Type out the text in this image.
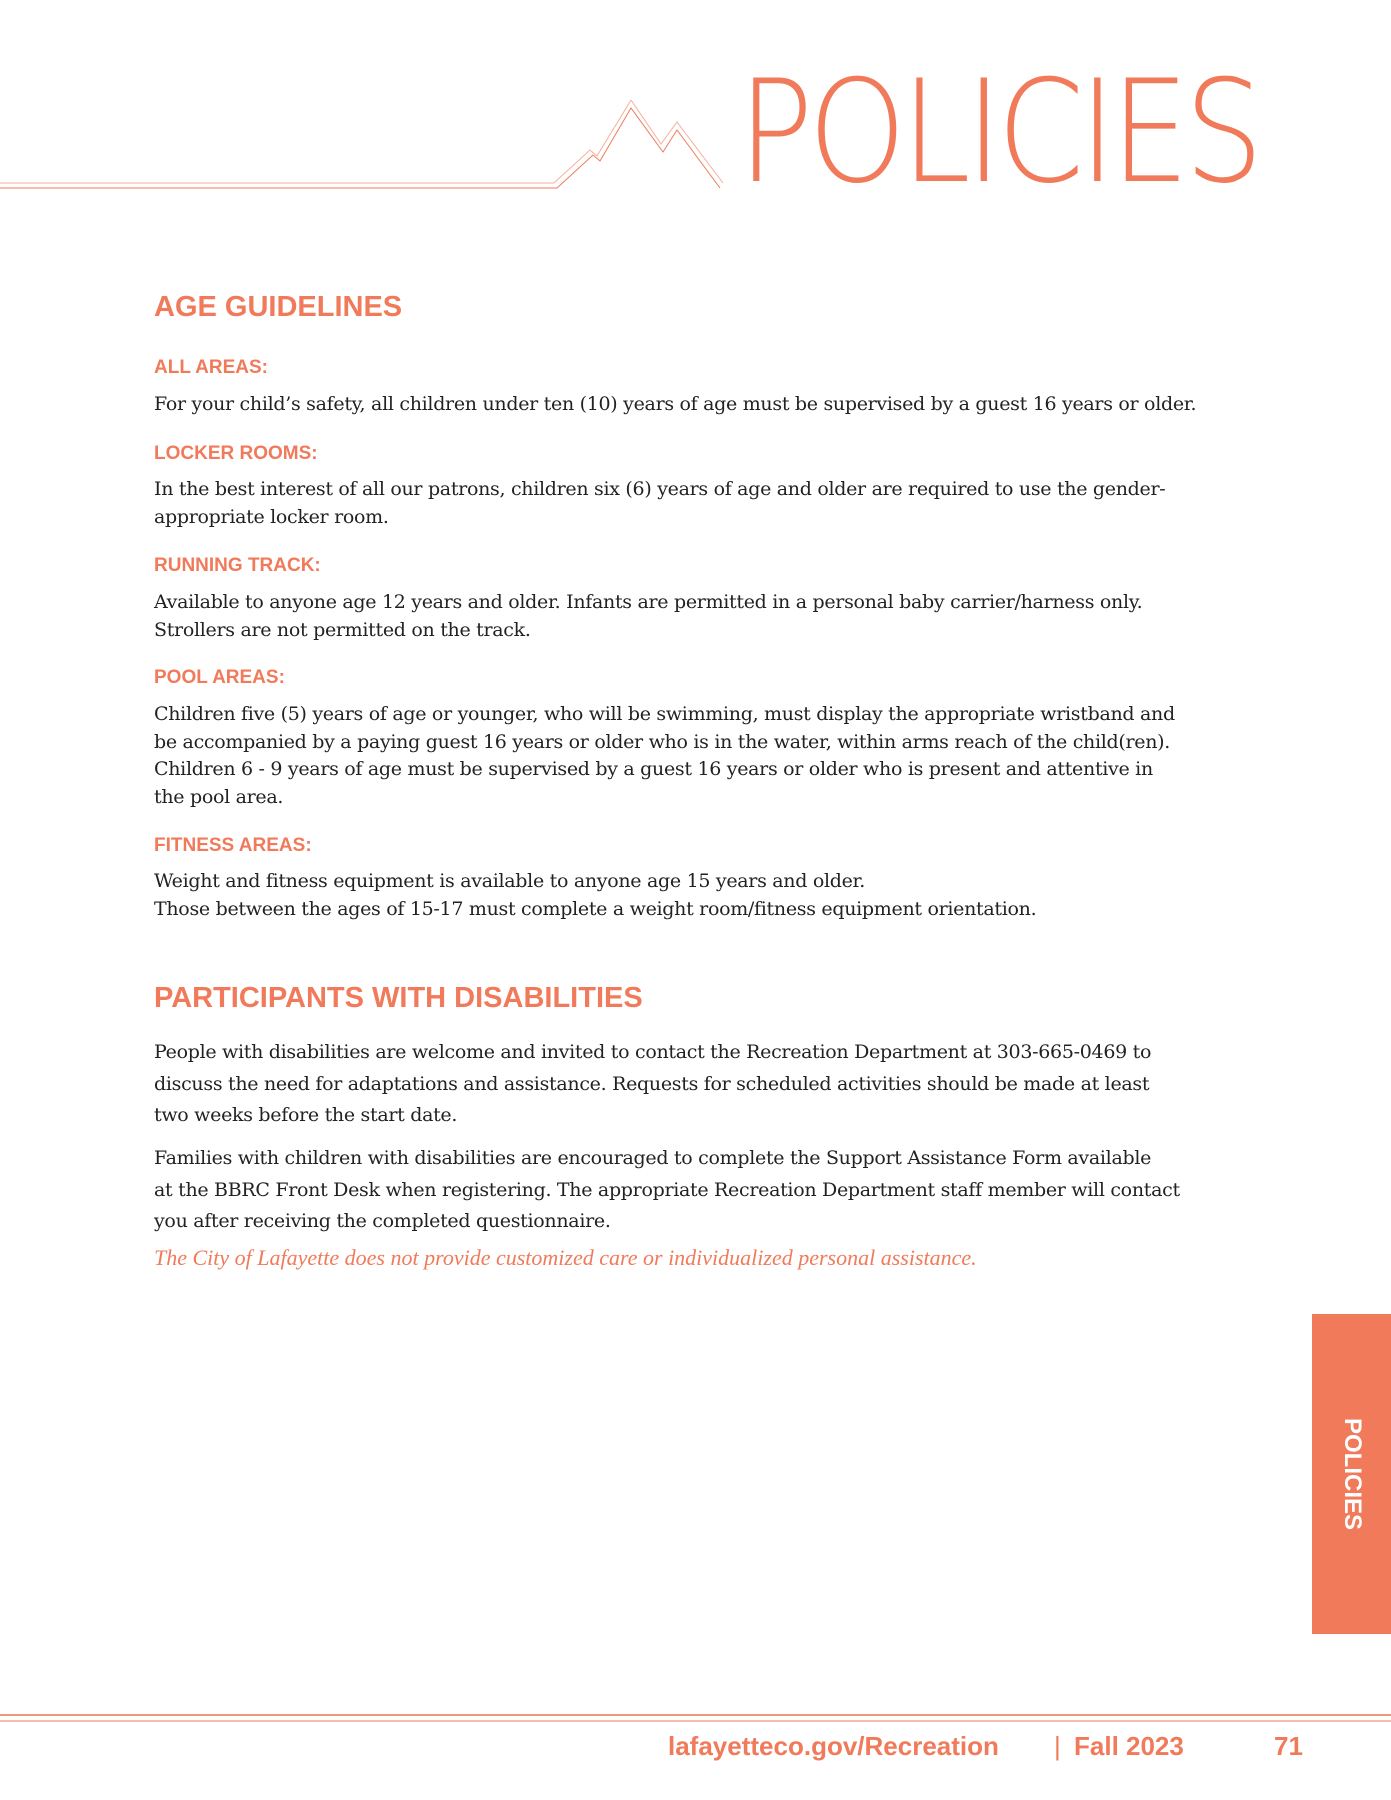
POLICIES
AGE GUIDELINES
ALL AREAS:
For your child’s safety, all children under ten (10) years of age must be supervised by a guest 16 years or older.
LOCKER ROOMS:
In the best interest of all our patrons, children six (6) years of age and older are required to use the gender-
appropriate locker room.
RUNNING TRACK:
Available to anyone age 12 years and older. Infants are permitted in a personal baby carrier/harness only.
Strollers are not permitted on the track.
POOL AREAS:
Children five (5) years of age or younger, who will be swimming, must display the appropriate wristband and
be accompanied by a paying guest 16 years or older who is in the water, within arms reach of the child(ren).
Children 6 - 9 years of age must be supervised by a guest 16 years or older who is present and attentive in
the pool area.
FITNESS AREAS:
Weight and fitness equipment is available to anyone age 15 years and older.
Those between the ages of 15-17 must complete a weight room/fitness equipment orientation.
PARTICIPANTS WITH DISABILITIES
People with disabilities are welcome and invited to contact the Recreation Department at 303-665-0469 to
discuss the need for adaptations and assistance. Requests for scheduled activities should be made at least
two weeks before the start date.
Families with children with disabilities are encouraged to complete the Support Assistance Form available
at the BBRC Front Desk when registering. The appropriate Recreation Department staff member will contact
you after receiving the completed questionnaire.
The City of Lafayette does not provide customized care or individualized personal assistance.
POLICIES
lafayetteco.gov/Recreation | Fall 2023	71
